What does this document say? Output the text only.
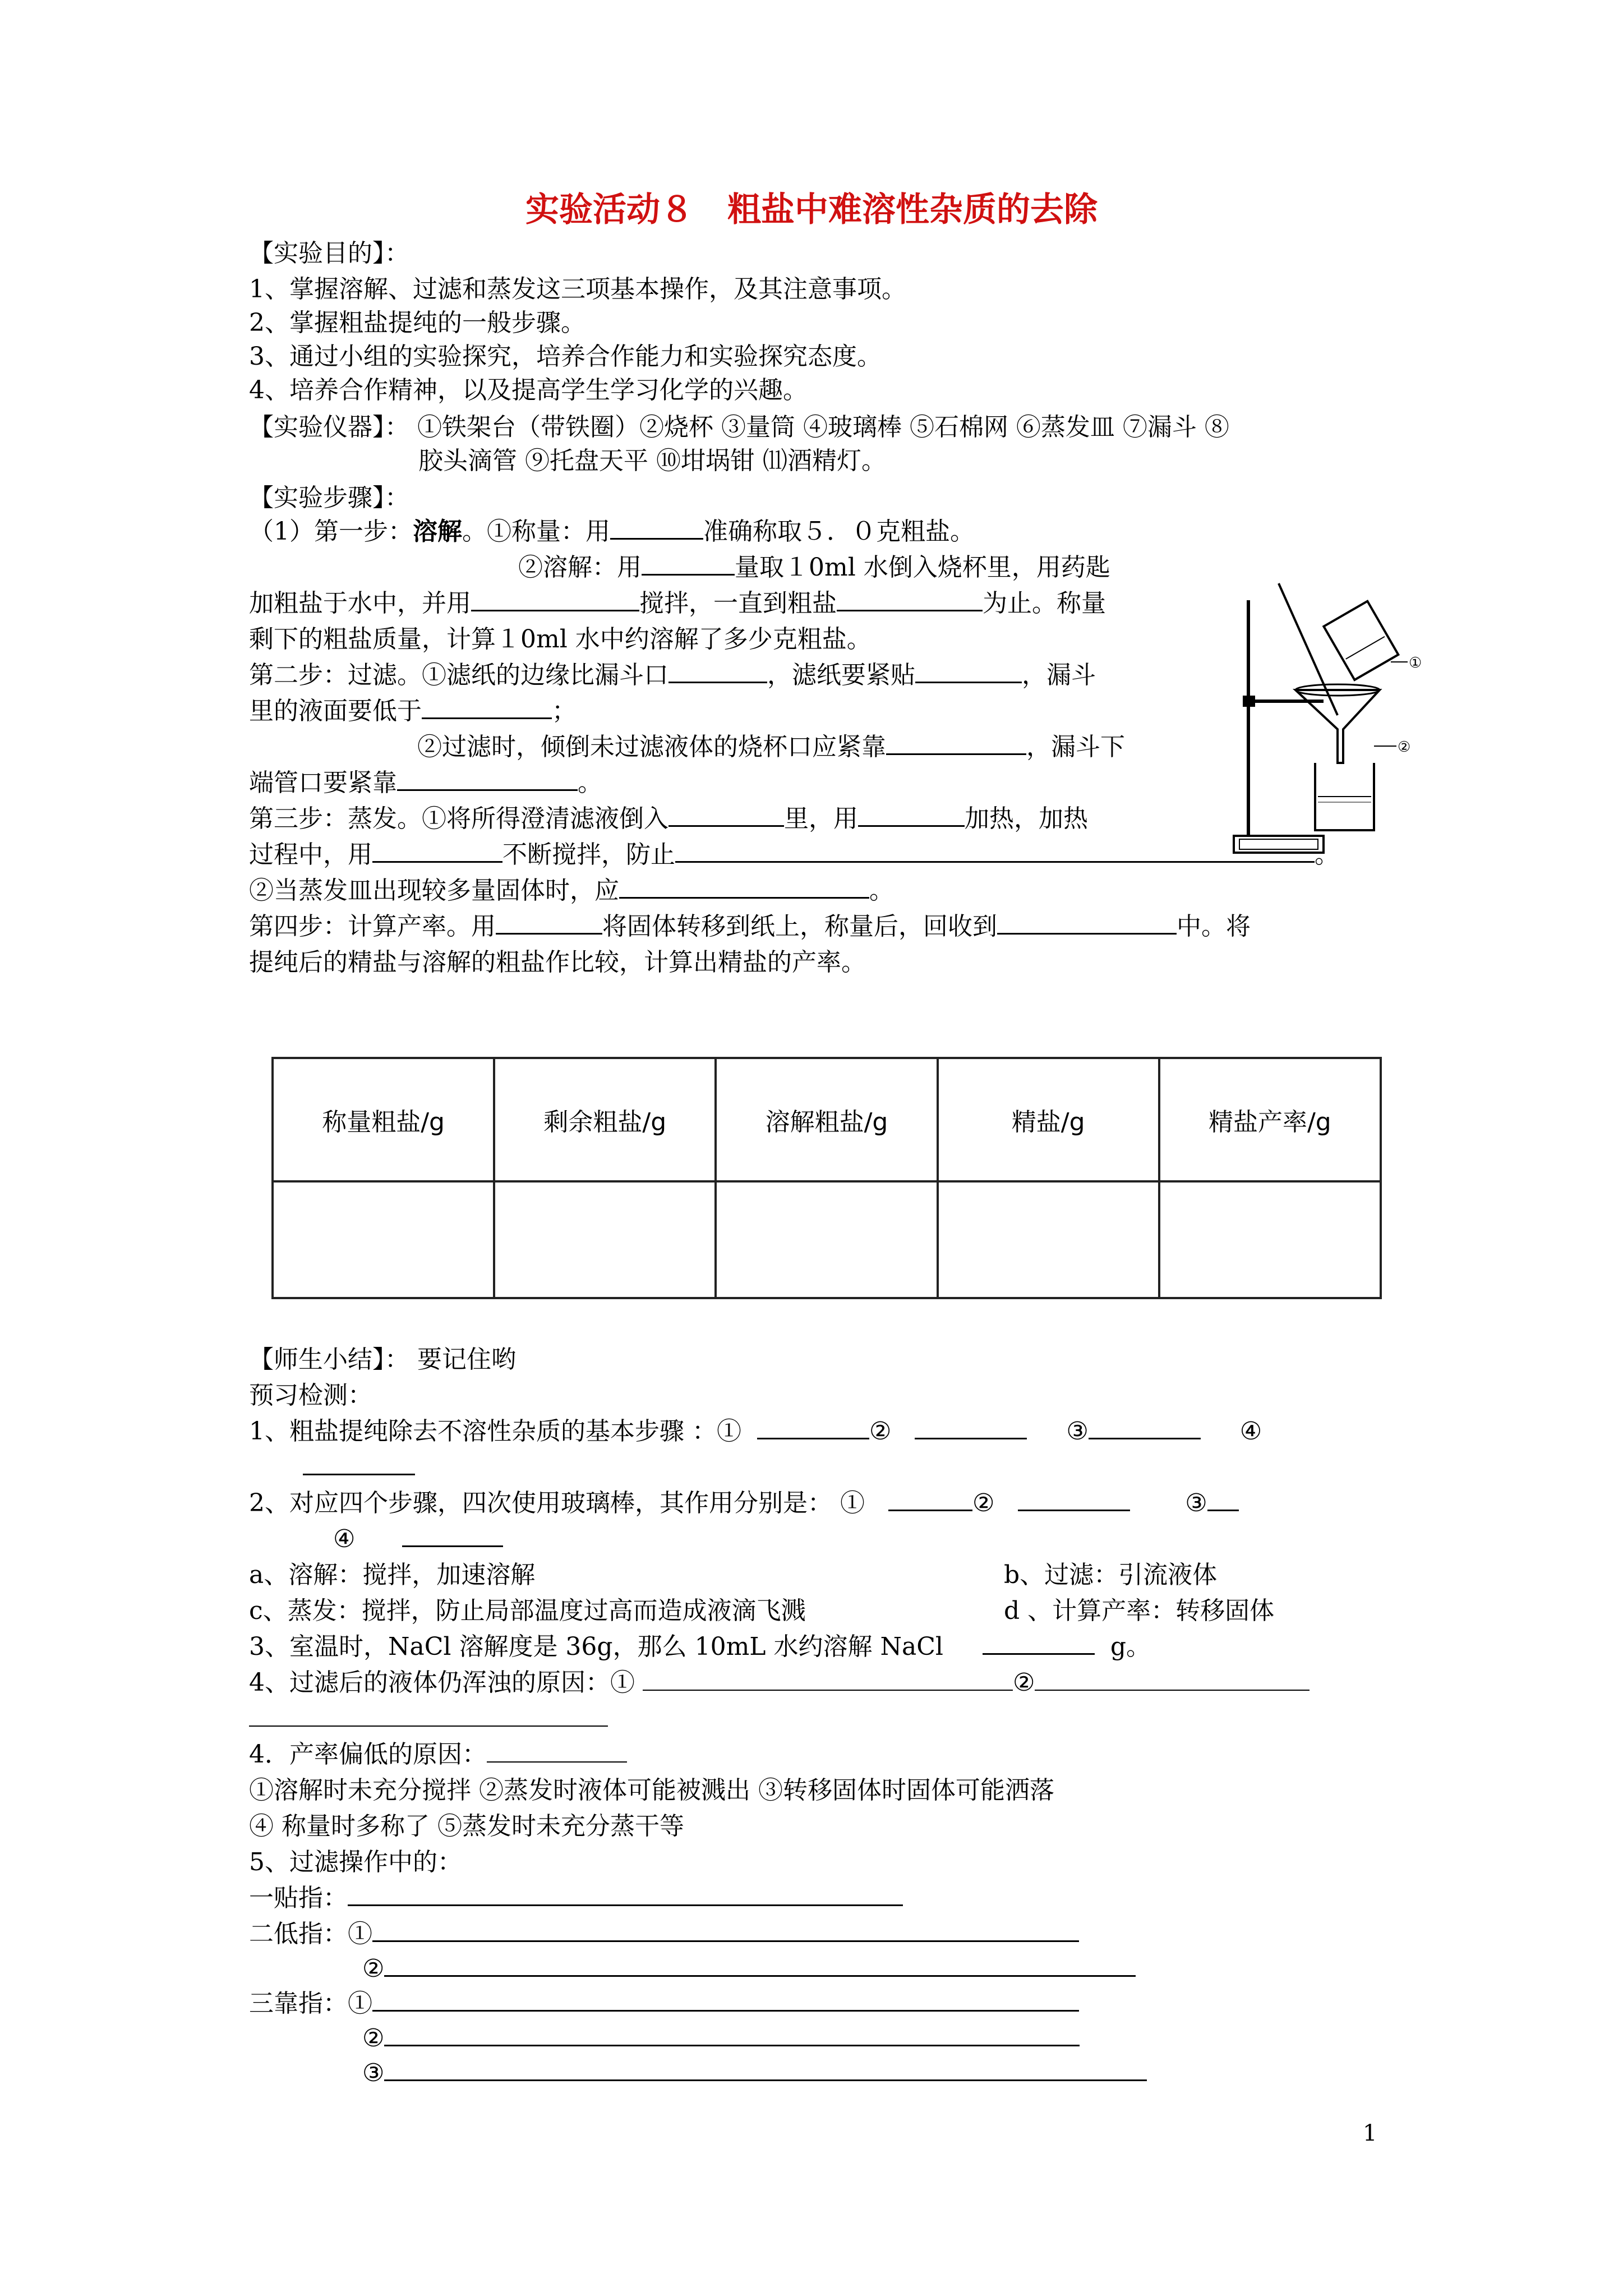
实验活动８　粗盐中难溶性杂质的去除
【实验目的】：
1、掌握溶解、过滤和蒸发这三项基本操作，及其注意事项。
2、掌握粗盐提纯的一般步骤。
3、通过小组的实验探究，培养合作能力和实验探究态度。
4、培养合作精神，以及提高学生学习化学的兴趣。
【实验仪器】： ①铁架台（带铁圈）②烧杯 ③量筒 ④玻璃棒 ⑤石棉网 ⑥蒸发皿 ⑦漏斗 ⑧
胶头滴管 ⑨托盘天平 ⑩坩埚钳 ⑾酒精灯。
【实验步骤】：
（1）第一步：溶解。①称量：用	准确称取５．０克粗盐。
②溶解：用	量取１0ml 水倒入烧杯里，用药匙
加粗盐于水中，并用	搅拌，一直到粗盐	为止。称量
剩下的粗盐质量，计算１0ml 水中约溶解了多少克粗盐。
第二步：过滤。①滤纸的边缘比漏斗口	，滤纸要紧贴	，漏斗
里的液面要低于	；
②过滤时，倾倒未过滤液体的烧杯口应紧靠	，漏斗下
端管口要紧靠	。
第三步：蒸发。①将所得澄清滤液倒入	里，用	加热，加热
过程中，用	不断搅拌，防止	。
②当蒸发皿出现较多量固体时，应	。
第四步：计算产率。用	将固体转移到纸上，称量后，回收到	中。将
提纯后的精盐与溶解的粗盐作比较，计算出精盐的产率。
①
②
称量粗盐/g	剩余粗盐/g	溶解粗盐/g	精盐/g	精盐产率/g

【师生小结】： 要记住哟
预习检测：
1、粗盐提纯除去不溶性杂质的基本步骤 ：①	②	③	④
2、对应四个步骤，四次使用玻璃棒，其作用分别是： ①	②	③
④
a、溶解：搅拌，加速溶解	b、过滤：引流液体
c、蒸发：搅拌，防止局部温度过高而造成液滴飞溅	d 、计算产率：转移固体
3、室温时，NaCl 溶解度是 36g，那么 10mL 水约溶解 NaCl	g。
4、过滤后的液体仍浑浊的原因：①	②
4．产率偏低的原因：
①溶解时未充分搅拌 ②蒸发时液体可能被溅出 ③转移固体时固体可能洒落
④ 称量时多称了 ⑤蒸发时未充分蒸干等
5、过滤操作中的：
一贴指：
二低指：①
②
三靠指：①
②
③
1
